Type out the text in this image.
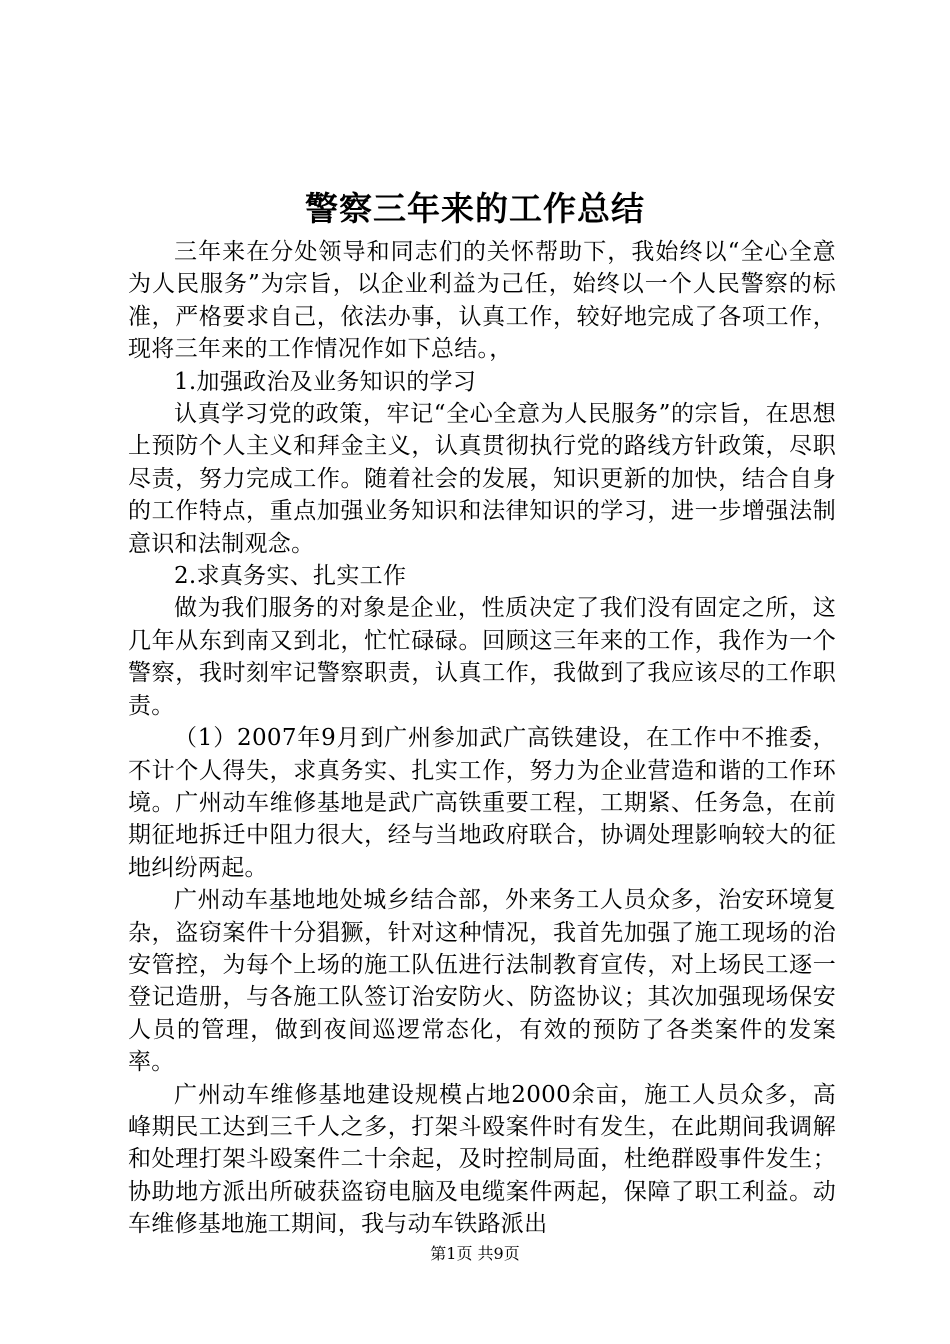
警察三年来的工作总结

三年来在分处领导和同志们的关怀帮助下，我始终以“全心全意为人民服务”为宗旨，以企业利益为己任，始终以一个人民警察的标准，严格要求自己，依法办事，认真工作，较好地完成了各项工作，现将三年来的工作情况作如下总结。，

1.加强政治及业务知识的学习

认真学习党的政策，牢记“全心全意为人民服务”的宗旨，在思想上预防个人主义和拜金主义，认真贯彻执行党的路线方针政策，尽职尽责，努力完成工作。随着社会的发展，知识更新的加快，结合自身的工作特点，重点加强业务知识和法律知识的学习，进一步增强法制意识和法制观念。

2.求真务实、扎实工作

做为我们服务的对象是企业，性质决定了我们没有固定之所，这几年从东到南又到北，忙忙碌碌。回顾这三年来的工作，我作为一个警察，我时刻牢记警察职责，认真工作，我做到了我应该尽的工作职责。

（1）2007年9月到广州参加武广高铁建设，在工作中不推委，不计个人得失，求真务实、扎实工作，努力为企业营造和谐的工作环境。广州动车维修基地是武广高铁重要工程，工期紧、任务急，在前期征地拆迁中阻力很大，经与当地政府联合，协调处理影响较大的征地纠纷两起。

广州动车基地地处城乡结合部，外来务工人员众多，治安环境复杂，盗窃案件十分猖獗，针对这种情况，我首先加强了施工现场的治安管控，为每个上场的施工队伍进行法制教育宣传，对上场民工逐一登记造册，与各施工队签订治安防火、防盗协议；其次加强现场保安人员的管理，做到夜间巡逻常态化，有效的预防了各类案件的发案率。

广州动车维修基地建设规模占地2000余亩，施工人员众多，高峰期民工达到三千人之多，打架斗殴案件时有发生，在此期间我调解和处理打架斗殴案件二十余起，及时控制局面，杜绝群殴事件发生；协助地方派出所破获盗窃电脑及电缆案件两起，保障了职工利益。动车维修基地施工期间，我与动车铁路派出

第1页 共9页
